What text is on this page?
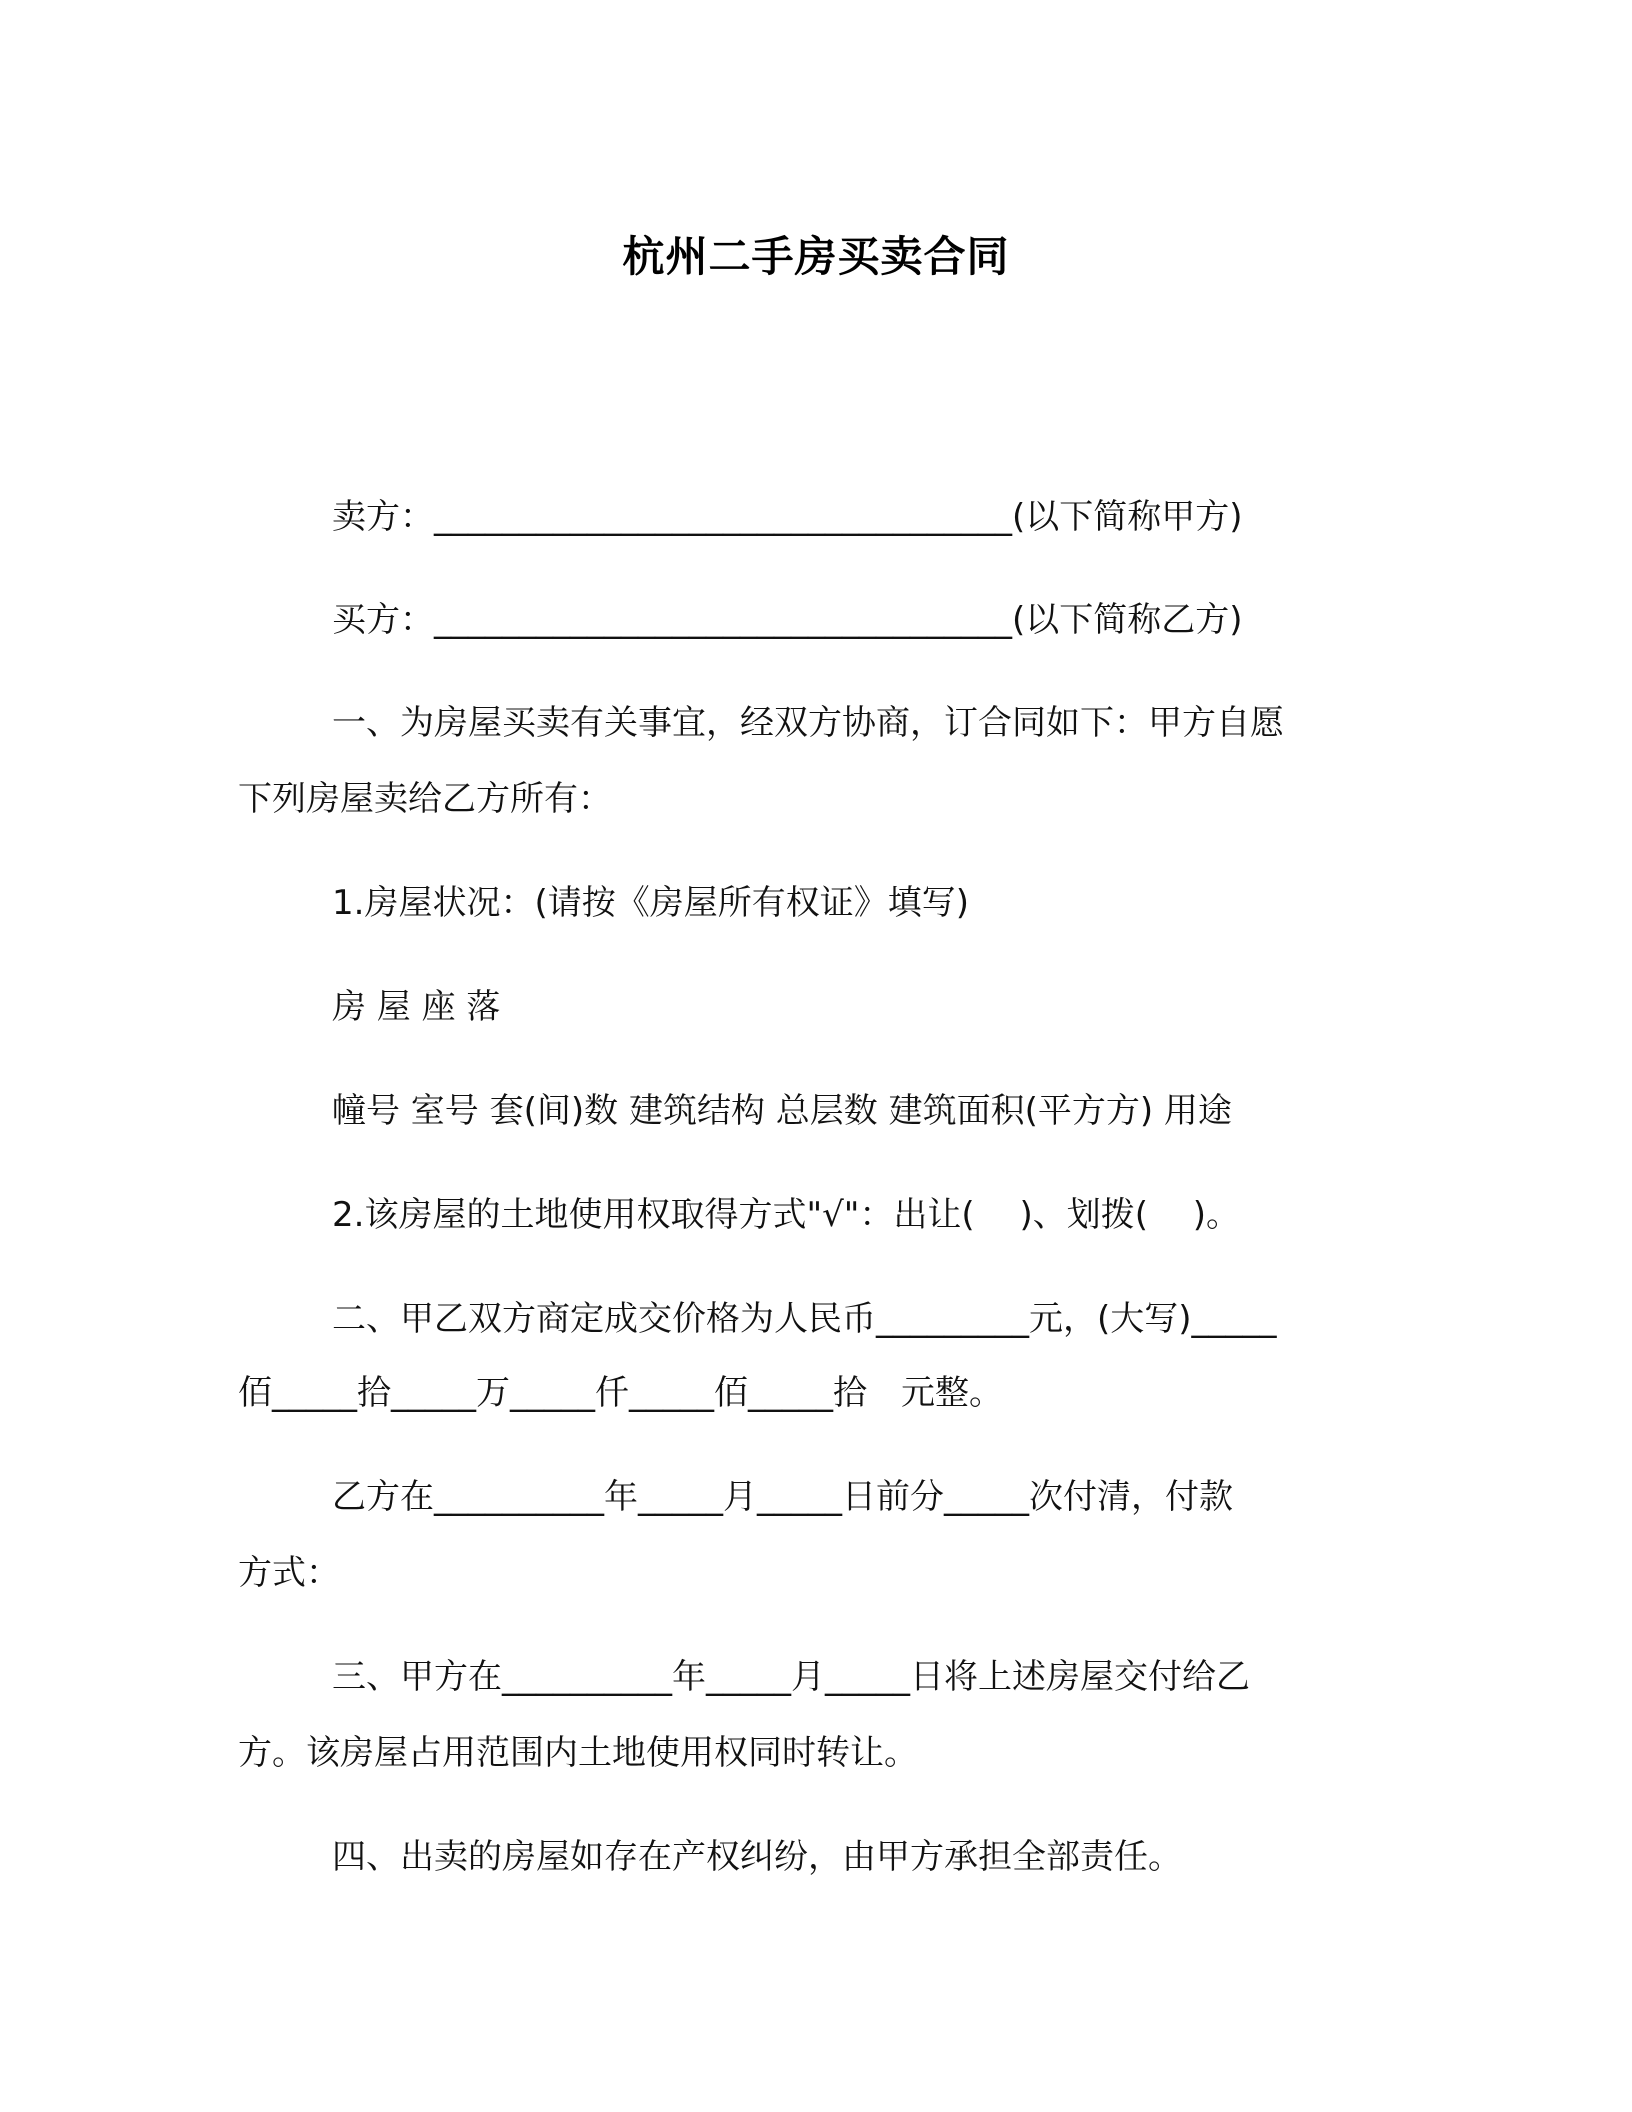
杭州二手房买卖合同
卖方：__________________________________(以下简称甲方)
买方：__________________________________(以下简称乙方)
一、为房屋买卖有关事宜，经双方协商，订合同如下：甲方自愿
下列房屋卖给乙方所有：
1.房屋状况：(请按《房屋所有权证》填写)
房 屋 座 落
幢号 室号 套(间)数 建筑结构 总层数 建筑面积(平方方) 用途
2.该房屋的土地使用权取得方式"√"：出让(　 )、划拨(　 )。
二、甲乙双方商定成交价格为人民币_________元，(大写)_____
佰_____拾_____万_____仟_____佰_____拾　元整。
乙方在__________年_____月_____日前分_____次付清，付款
方式：
三、甲方在__________年_____月_____日将上述房屋交付给乙
方。该房屋占用范围内土地使用权同时转让。
四、出卖的房屋如存在产权纠纷，由甲方承担全部责任。
